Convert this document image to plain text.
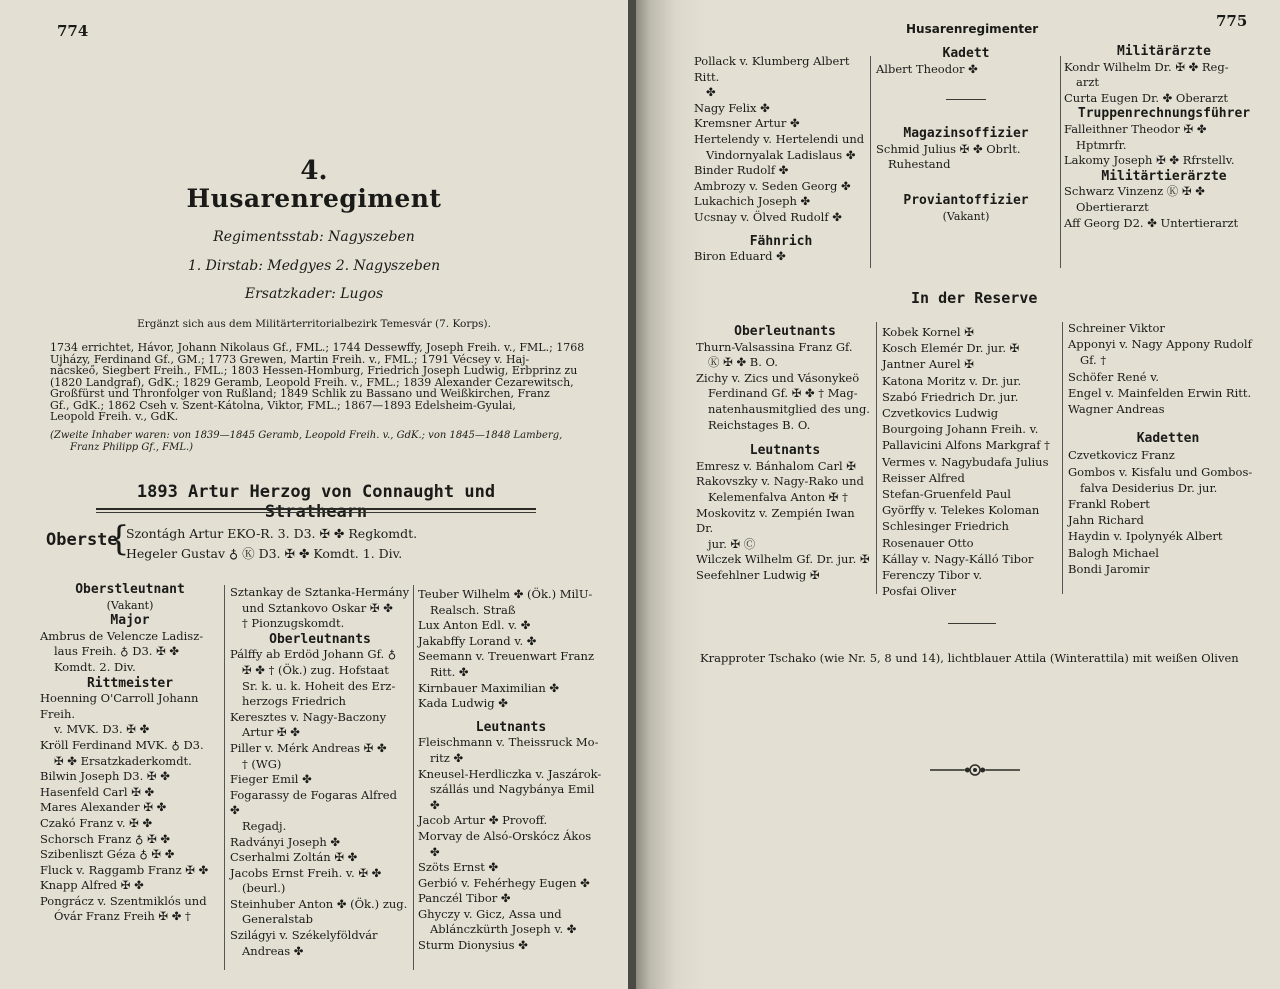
774
4.
Husarenregiment
Regimentsstab: Nagyszeben
1. Dirstab: Medgyes 2. Nagyszeben
Ersatzkader: Lugos
Ergänzt sich aus dem Militärterritorialbezirk Temesvár (7. Korps).
1734 errichtet, Hávor, Johann Nikolaus Gf., FML.; 1744 Dessewffy, Joseph Freih. v., FML.; 1768
Ujházy, Ferdinand Gf., GM.; 1773 Grewen, Martin Freih. v., FML.; 1791 Vécsey v. Haj-
nácskeő, Siegbert Freih., FML.; 1803 Hessen-Homburg, Friedrich Joseph Ludwig, Erbprinz zu
(1820 Landgraf), GdK.; 1829 Geramb, Leopold Freih. v., FML.; 1839 Alexander Cezarewitsch,
Großfürst und Thronfolger von Rußland; 1849 Schlik zu Bassano und Weißkirchen, Franz
Gf., GdK.; 1862 Cseh v. Szent-Kátolna, Viktor, FML.; 1867—1893 Edelsheim-Gyulai,
Leopold Freih. v., GdK.
(Zweite Inhaber waren: von 1839—1845 Geramb, Leopold Freih. v., GdK.; von 1845—1848 Lamberg,
Franz Philipp Gf., FML.)
1893 Artur Herzog von Connaught und
Oberste
{
Szontágh Artur EKO-R. 3. D3. ✠ ✤ Regkomdt.
Hegeler Gustav ♁ Ⓚ D3. ✠ ✤ Komdt. 1. Div.

Oberstleutnant

(Vakant)

Major

Ambrus de Velencze Ladisz-

laus Freih. ♁ D3. ✠ ✤

Komdt. 2. Div.

Rittmeister

Hoenning O'Carroll Johann Freih.

v. MVK. D3. ✠ ✤

Kröll Ferdinand MVK. ♁ D3.

✠ ✤ Ersatzkaderkomdt.

Bilwin Joseph D3. ✠ ✤

Hasenfeld Carl ✠ ✤

Mares Alexander ✠ ✤

Czakó Franz v. ✠ ✤

Schorsch Franz ♁ ✠ ✤

Szibenliszt Géza ♁ ✠ ✤

Fluck v. Raggamb Franz ✠ ✤

Knapp Alfred ✠ ✤

Pongrácz v. Szentmiklós und

Óvár Franz Freih ✠ ✤ †

Sztankay de Sztanka-Hermány

und Sztankovo Oskar ✠ ✤

† Pionzugskomdt.

Oberleutnants

Pálffy ab Erdöd Johann Gf. ♁

✠ ✤ † (Ök.) zug. Hofstaat

Sr. k. u. k. Hoheit des Erz-

herzogs Friedrich

Keresztes v. Nagy-Baczony

Artur ✠ ✤

Piller v. Mérk Andreas ✠ ✤

† (WG)

Fieger Emil ✤

Fogarassy de Fogaras Alfred ✤

Regadj.

Radványi Joseph ✤

Cserhalmi Zoltán ✠ ✤

Jacobs Ernst Freih. v. ✠ ✤

(beurl.)

Steinhuber Anton ✤ (Ök.) zug.

Generalstab

Szilágyi v. Székelyföldvár

Andreas ✤

Teuber Wilhelm ✤ (Ök.) MilU-

Realsch. Straß

Lux Anton Edl. v. ✤

Jakabffy Lorand v. ✤

Seemann v. Treuenwart Franz

Ritt. ✤

Kirnbauer Maximilian ✤

Kada Ludwig ✤

Leutnants

Fleischmann v. Theissruck Mo-

ritz ✤

Kneusel-Herdliczka v. Jaszárok-

szállás und Nagybánya Emil

✤

Jacob Artur ✤ Provoff.

Morvay de Alsó-Orskócz Ákos

✤

Szöts Ernst ✤

Gerbió v. Fehérhegy Eugen ✤

Panczél Tibor ✤

Ghyczy v. Gicz, Assa und

Ablánczkürth Joseph v. ✤

Sturm Dionysius ✤

Husarenregimenter	775

Pollack v. Klumberg Albert Ritt.

✤

Nagy Felix ✤

Kremsner Artur ✤

Hertelendy v. Hertelendi und

Vindornyalak Ladislaus ✤

Binder Rudolf ✤

Ambrozy v. Seden Georg ✤

Lukachich Joseph ✤

Ucsnay v. Ölved Rudolf ✤

Fähnrich

Biron Eduard ✤

Kadett

Albert Theodor ✤

Magazinsoffizier

Schmid Julius ✠ ✤ Obrlt.

Ruhestand

Proviantoffizier

(Vakant)

Militärärzte

Kondr Wilhelm Dr. ✠ ✤ Reg-

arzt

Curta Eugen Dr. ✤ Oberarzt

Truppenrechnungsführer

Falleithner Theodor ✠ ✤

Hptmrfr.

Lakomy Joseph ✠ ✤ Rfrstellv.

Militärtierärzte

Schwarz Vinzenz Ⓚ ✠ ✤

Obertierarzt

Aff Georg D2. ✤ Untertierarzt

In der Reserve

Oberleutnants

Thurn-Valsassina Franz Gf.

Ⓚ ✠ ✤ B. O.

Zichy v. Zics und Vásonykeö

Ferdinand Gf. ✠ ✤ † Mag-

natenhausmitglied des ung.

Reichstages B. O.

Leutnants

Emresz v. Bánhalom Carl ✠

Rakovszky v. Nagy-Rako und

Kelemenfalva Anton ✠ †

Moskovitz v. Zempién Iwan Dr.

jur. ✠ Ⓒ

Wilczek Wilhelm Gf. Dr. jur. ✠

Seefehlner Ludwig ✠

Kobek Kornel ✠

Kosch Elemér Dr. jur. ✠

Jantner Aurel ✠

Katona Moritz v. Dr. jur.

Szabó Friedrich Dr. jur.

Czvetkovics Ludwig

Bourgoing Johann Freih. v.

Pallavicini Alfons Markgraf †

Vermes v. Nagybudafa Julius

Reisser Alfred

Stefan-Gruenfeld Paul

Györffy v. Telekes Koloman

Schlesinger Friedrich

Rosenauer Otto

Kállay v. Nagy-Kálló Tibor

Ferenczy Tibor v.

Posfai Oliver

Schreiner Viktor

Apponyi v. Nagy Appony Rudolf

Gf. †

Schöfer René v.

Engel v. Mainfelden Erwin Ritt.

Wagner Andreas

Kadetten

Czvetkovicz Franz

Gombos v. Kisfalu und Gombos-

falva Desiderius Dr. jur.

Frankl Robert

Jahn Richard

Haydin v. Ipolynyék Albert

Balogh Michael

Bondi Jaromir

Krapproter Tschako (wie Nr. 5, 8 und 14), lichtblauer Attila (Winterattila) mit weißen Oliven
